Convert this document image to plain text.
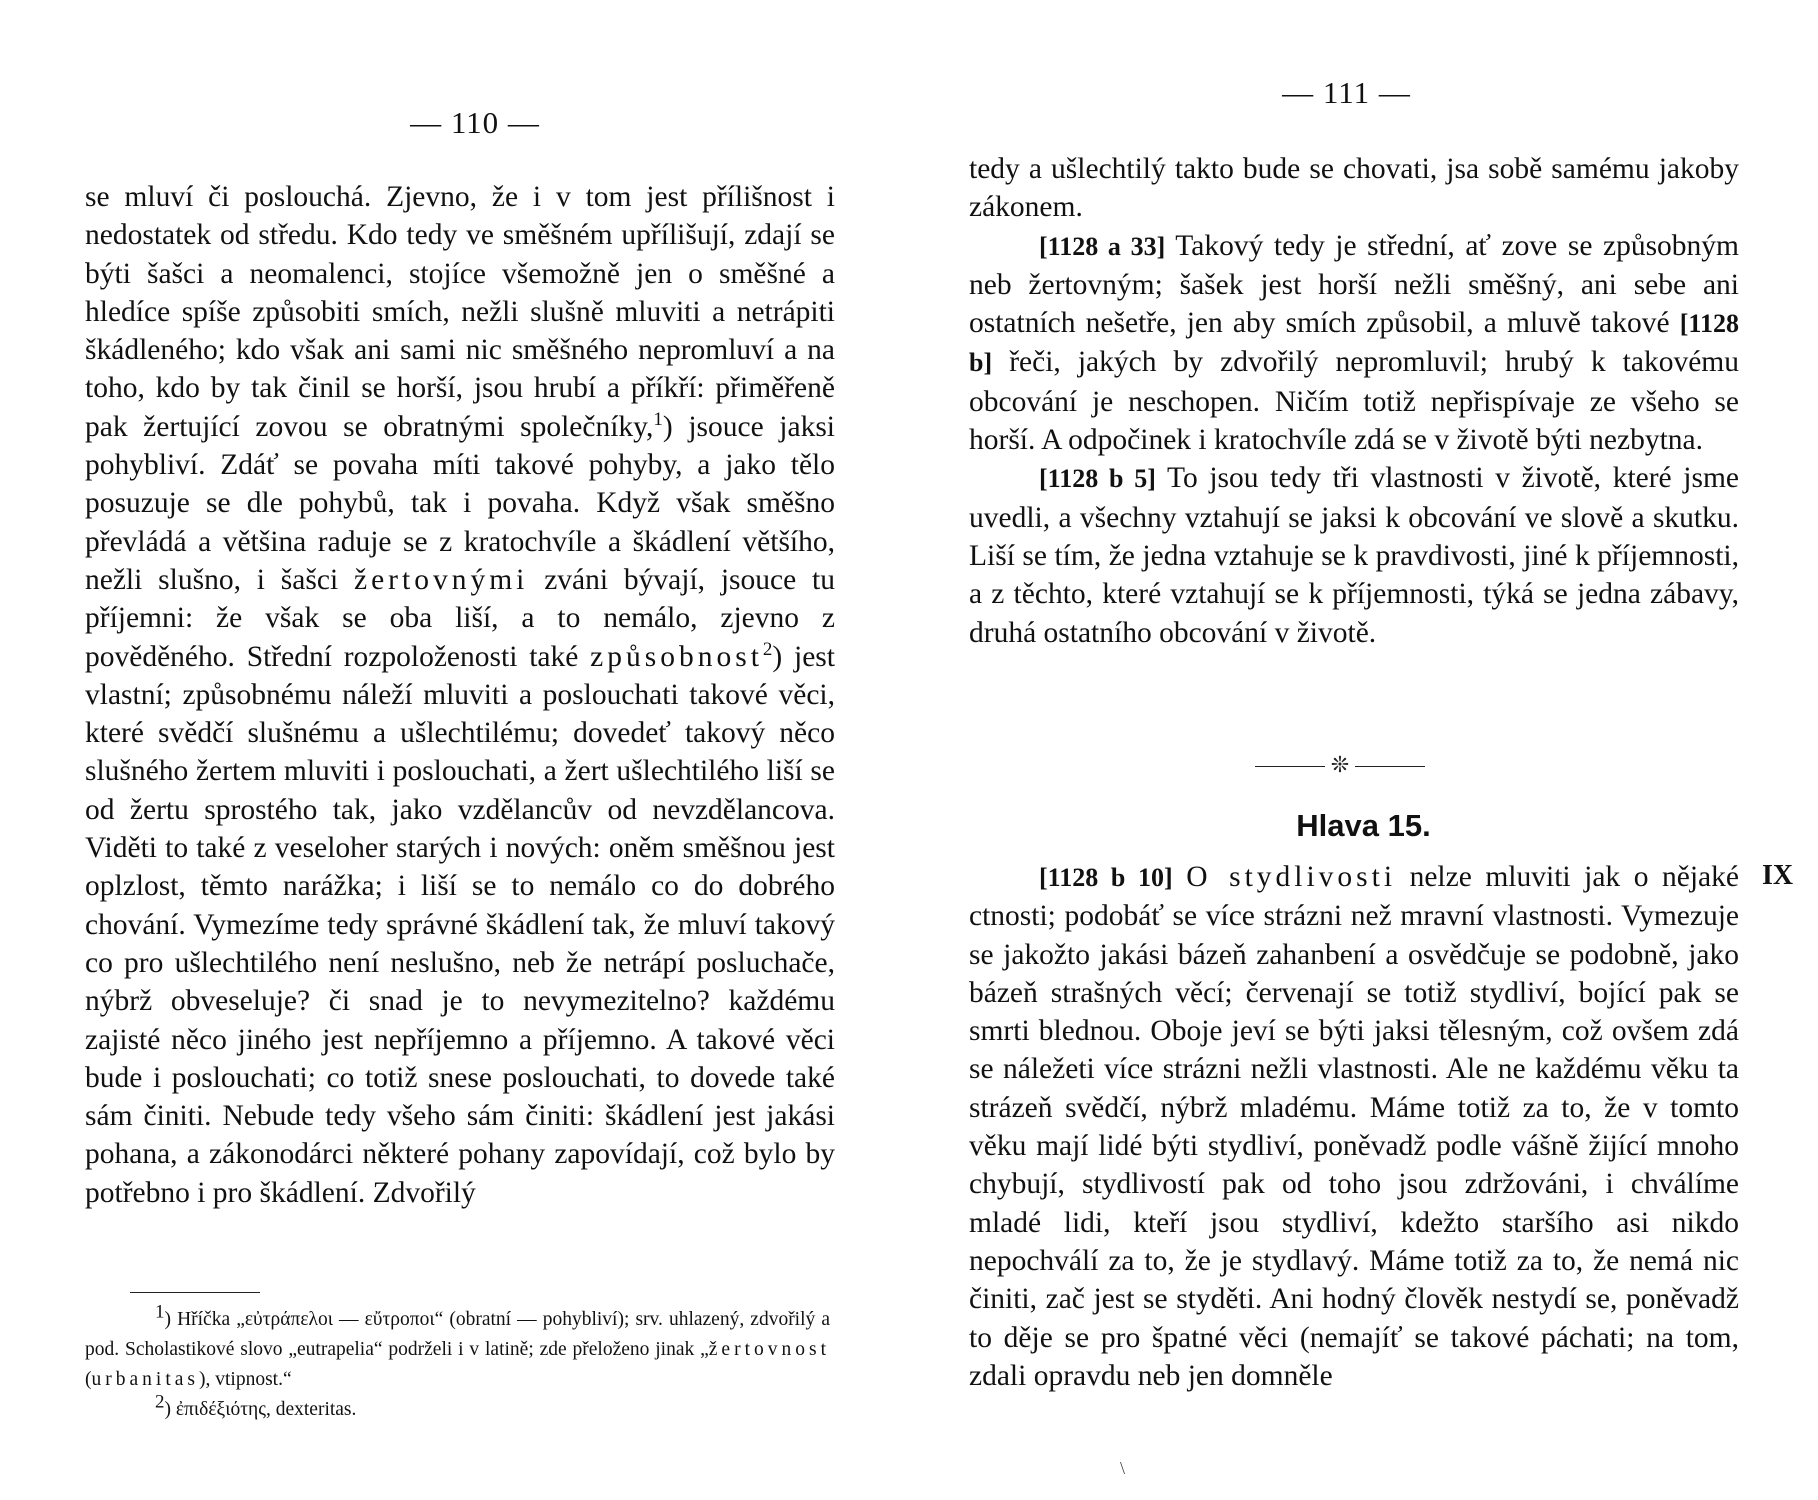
— 110 —

se mluví či poslouchá. Zjevno, že i v tom jest přílišnost i nedostatek od středu. Kdo tedy ve směšném upřílišují, zdají se býti šašci a neomalenci, stojíce všemožně jen o směšné a hledíce spíše způsobiti smích, nežli slušně mluviti a netrápiti škádleného; kdo však ani sami nic směšného nepromluví a na toho, kdo by tak činil se horší, jsou hrubí a příkří: přiměřeně pak žertující zovou se obratnými společníky,$^1$) jsouce jaksi pohybliví. Zdáť se povaha míti takové pohyby, a jako tělo posuzuje se dle pohybů, tak i povaha. Když však směšno převládá a většina raduje se z kratochvíle a škádlení většího, nežli slušno, i šašci žertovnými zváni bývají, jsouce tu příjemni: že však se oba liší, a to nemálo, zjevno z pověděného. Střední rozpoloženosti také způsobnost$^2$) jest vlastní; způsobnému náleží mluviti a poslouchati takové věci, které svědčí slušnému a ušlechtilému; dovedeť takový něco slušného žertem mluviti i poslouchati, a žert ušlechtilého liší se od žertu sprostého tak, jako vzdělancův od nevzdělancova. Viděti to také z veseloher starých i nových: oněm směšnou jest oplzlost, těmto narážka; i liší se to nemálo co do dobrého chování. Vymezíme tedy správné škádlení tak, že mluví takový co pro ušlechtilého není neslušno, neb že netrápí posluchače, nýbrž obveseluje? či snad je to nevymezitelno? každému zajisté něco jiného jest nepříjemno a příjemno. A takové věci bude i poslouchati; co totiž snese poslouchati, to dovede také sám činiti. Nebude tedy všeho sám činiti: škádlení jest jakási pohana, a zákonodárci některé pohany zapovídají, což bylo by potřebno i pro škádlení. Zdvořilý

$^1$) Hříčka „εὐτράπελοι — εὔτροποι“ (obratní — pohybliví); srv. uhlazený, zdvořilý a pod. Scholastikové slovo „eutrapelia“ podrželi i v latině; zde přeloženo jinak „žertovnost (urbanitas), vtipnost.“

$^2$) ἐπιδέξιότης, dexteritas.

— 111 —

tedy a ušlechtilý takto bude se chovati, jsa sobě samému jakoby zákonem.

[1128 a 33] Takový tedy je střední, ať zove se způsobným neb žertovným; šašek jest horší nežli směšný, ani sebe ani ostatních nešetře, jen aby smích způsobil, a mluvě takové [1128 b] řeči, jakých by zdvořilý nepromluvil; hrubý k takovému obcování je neschopen. Ničím totiž nepřispívaje ze všeho se horší. A odpočinek i kratochvíle zdá se v životě býti nezbytna.

[1128 b 5] To jsou tedy tři vlastnosti v životě, které jsme uvedli, a všechny vztahují se jaksi k obcování ve slově a skutku. Liší se tím, že jedna vztahuje se k pravdivosti, jiné k příjemnosti, a z těchto, které vztahují se k příjemnosti, týká se jedna zábavy, druhá ostatního obcování v životě.

❊
Hlava 15.

[1128 b 10] O stydlivosti nelze mluviti jak o nějaké ctnosti; podobáť se více strázni než mravní vlastnosti. Vymezuje se jakožto jakási bázeň zahanbení a osvědčuje se podobně, jako bázeň strašných věcí; červenají se totiž stydliví, bojící pak se smrti blednou. Oboje jeví se býti jaksi tělesným, což ovšem zdá se náležeti více strázni nežli vlastnosti. Ale ne každému věku ta strázeň svědčí, nýbrž mladému. Máme totiž za to, že v tomto věku mají lidé býti stydliví, poněvadž podle vášně žijící mnoho chybují, stydlivostí pak od toho jsou zdržováni, i chválíme mladé lidi, kteří jsou stydliví, kdežto staršího asi nikdo nepochválí za to, že je stydlavý. Máme totiž za to, že nemá nic činiti, zač jest se styděti. Ani hodný člověk nestydí se, poněvadž to děje se pro špatné věci (nemajíť se takové páchati; na tom, zdali opravdu neb jen domněle

IX
\
